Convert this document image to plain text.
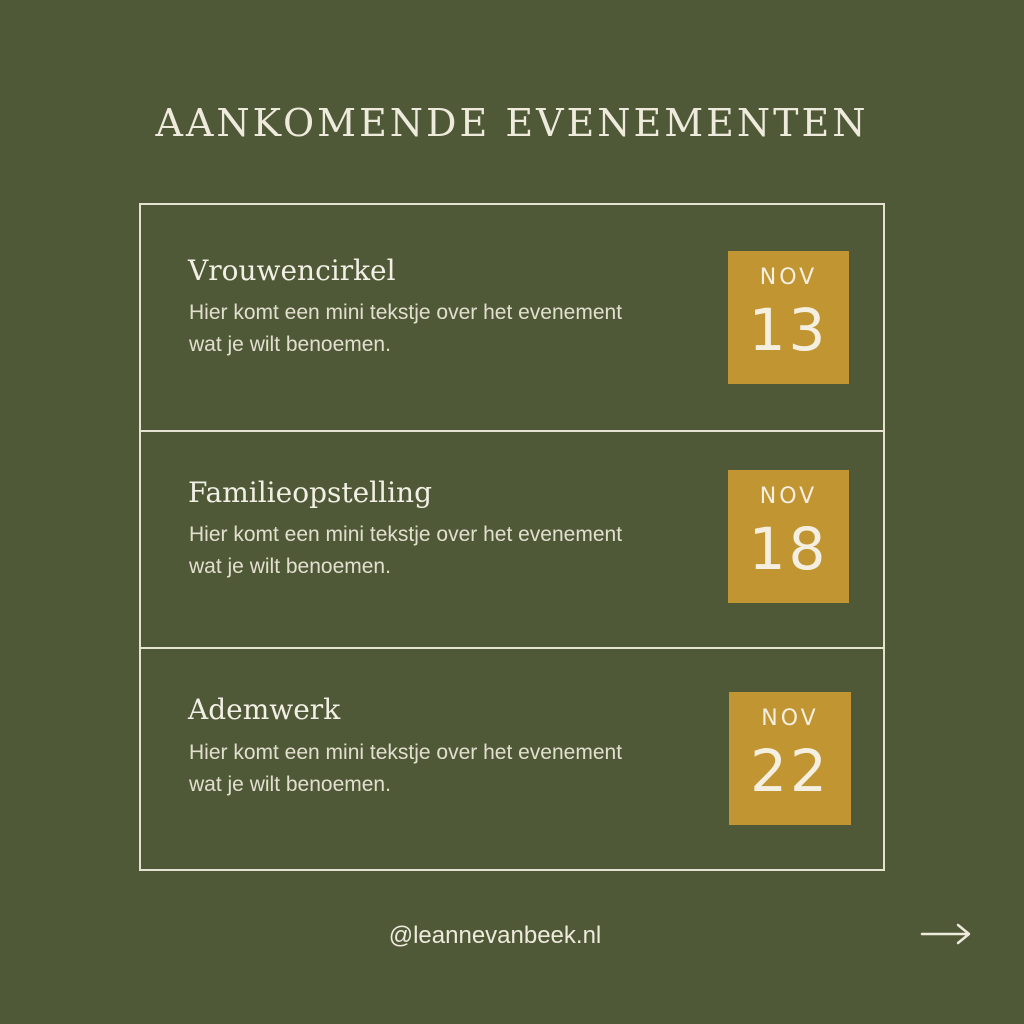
AANKOMENDE EVENEMENTEN
Vrouwencirkel
Hier komt een mini tekstje over het evenement wat je wilt benoemen.
NOV
13
Familieopstelling
Hier komt een mini tekstje over het evenement wat je wilt benoemen.
NOV
18
Ademwerk
Hier komt een mini tekstje over het evenement wat je wilt benoemen.
NOV
22
@leannevanbeek.nl
